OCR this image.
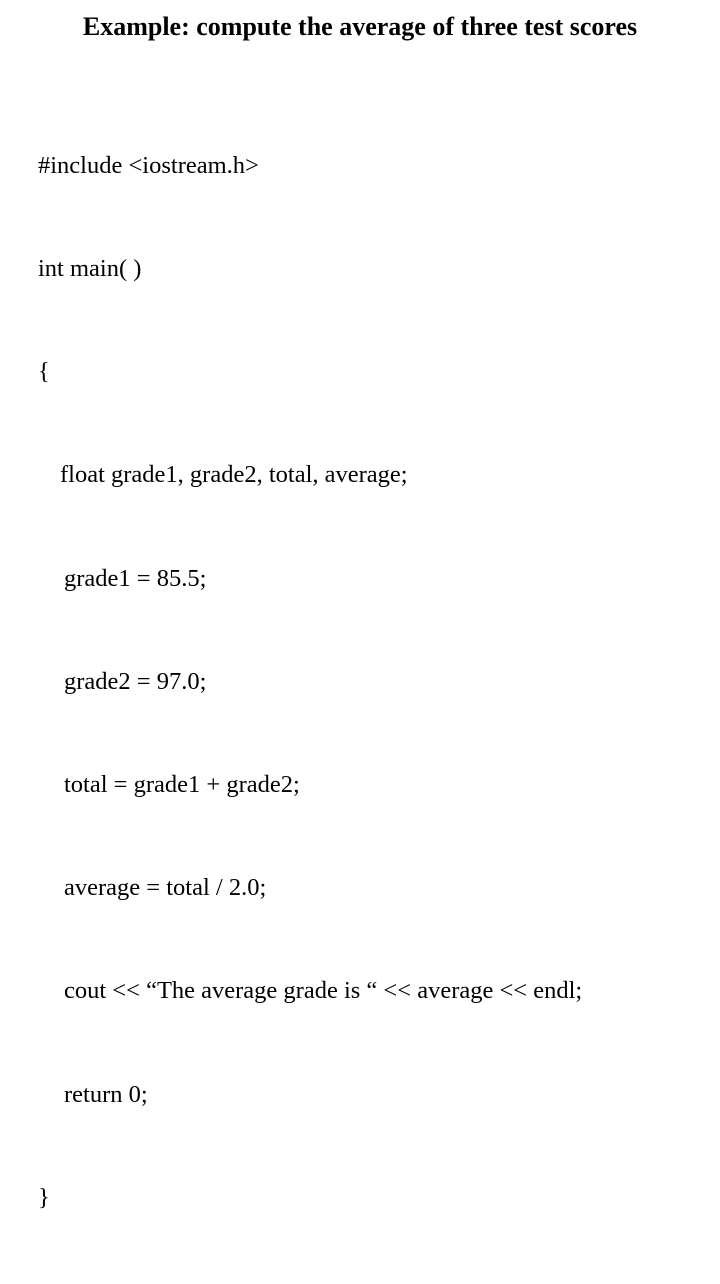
Example: compute the average of three test scores

#include <iostream.h>

int main( )

{

float grade1, grade2, total, average;

grade1 = 85.5;

grade2 = 97.0;

total = grade1 + grade2;

average = total / 2.0;

cout << “The average grade is “ << average << endl;

return 0;

}
